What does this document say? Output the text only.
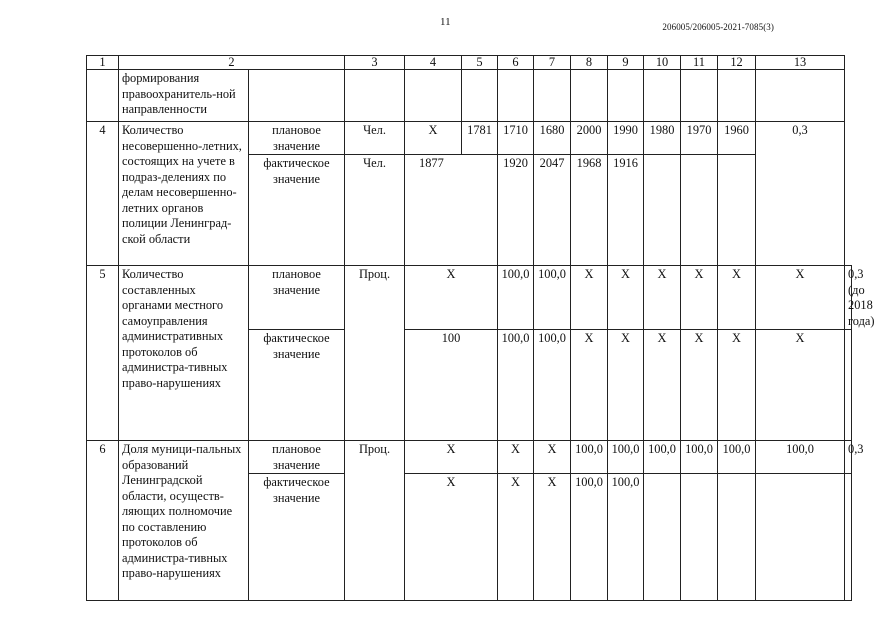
11	206005/206005-2021-7085(3)
1	2		3	4	5	6	7	8	9	10	11	12	13	
	формирования правоохранитель-ной направленности													
4	Количество несовершенно-летних, состоящих на учете в подраз-делениях по делам несовершенно-летних органов полиции Ленинград-ской области	плановое значение	Чел.	Х	1781	1710	1680	2000	1990	1980	1970	1960	0,3	
		фактическое значение	Чел.	1877		1920	2047	1968	1916					
5	Количество составленных органами местного самоуправления административных протоколов об администра-тивных право-нарушениях	плановое значение	Проц.	Х		100,0	100,0	Х	Х	Х	Х	Х	Х	0,3
(до 2018 года)
		фактическое значение		100		100,0	100,0	Х	Х	Х	Х	Х	Х	
6	Доля муници-пальных образований Ленинградской области, осуществ-ляющих полномочие по составлению протоколов об администра-тивных право-нарушениях	плановое значение	Проц.	Х		Х	Х	100,0	100,0	100,0	100,0	100,0	100,0	0,3
		фактическое значение		Х		Х	Х	100,0	100,0					
